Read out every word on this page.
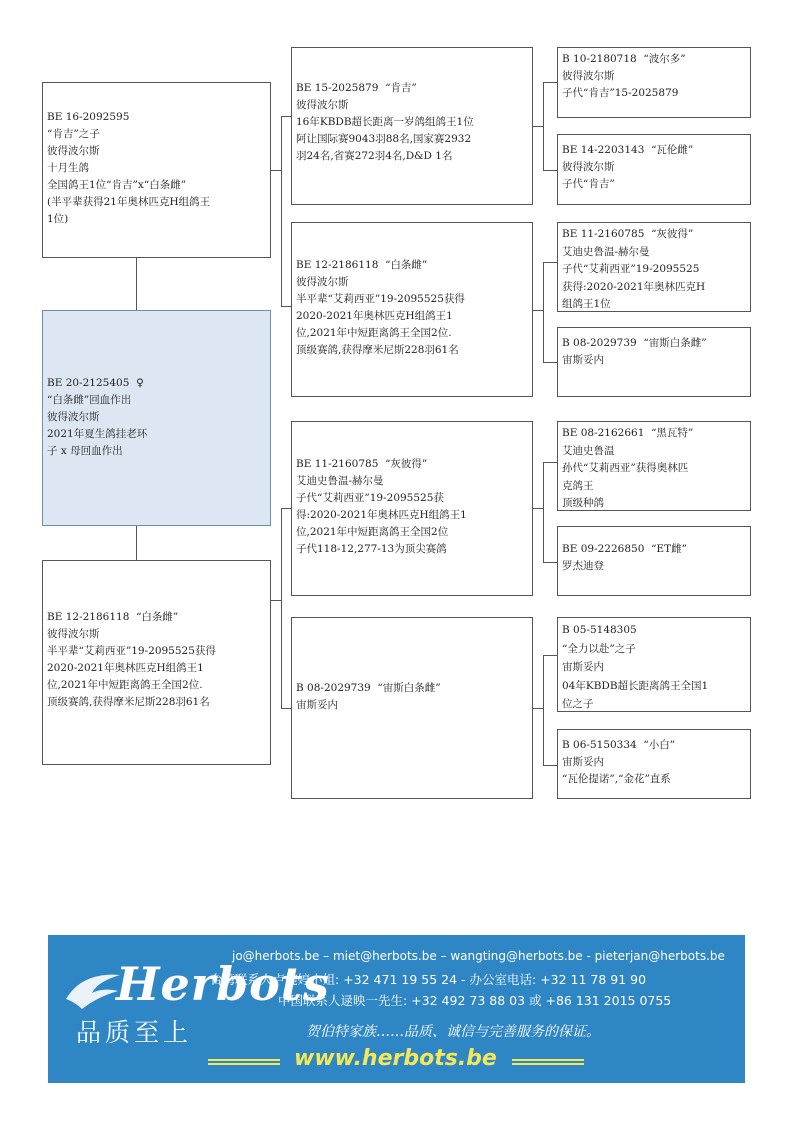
BE 16-2092595
“肯吉”之子
彼得波尔斯
十月生鸽
全国鸽王1位“肯吉”x“白条雌”
(半平辈获得21年奥林匹克H组鸽王
1位)
BE 20-2125405  ♀
“白条雌”回血作出
彼得波尔斯
2021年夏生鸽挂老环
子 x 母回血作出
BE 12-2186118  “白条雌”
彼得波尔斯
半平辈“艾莉西亚”19-2095525获得
2020-2021年奥林匹克H组鸽王1
位,2021年中短距离鸽王全国2位.
顶级赛鸽,获得摩米尼斯228羽61名
BE 15-2025879  “肯吉”
彼得波尔斯
16年KBDB超长距离一岁鸽组鸽王1位
阿让国际赛9043羽88名,国家赛2932
羽24名,省赛272羽4名,D&D 1名
BE 12-2186118  “白条雌”
彼得波尔斯
半平辈“艾莉西亚”19-2095525获得
2020-2021年奥林匹克H组鸽王1
位,2021年中短距离鸽王全国2位.
顶级赛鸽,获得摩米尼斯228羽61名
BE 11-2160785  “灰彼得”
艾迪史鲁温-赫尔曼
子代“艾莉西亚”19-2095525获
得:2020-2021年奥林匹克H组鸽王1
位,2021年中短距离鸽王全国2位
子代118-12,277-13为顶尖赛鸽
B 08-2029739  “宙斯白条雌”
宙斯妥内
B 10-2180718  “波尔多”
彼得波尔斯
子代“肯吉”15-2025879
BE 14-2203143  “瓦伦雌”
彼得波尔斯
子代“肯吉”
BE 11-2160785  “灰彼得”
艾迪史鲁温-赫尔曼
子代“艾莉西亚”19-2095525
获得:2020-2021年奥林匹克H
组鸽王1位
B 08-2029739  “宙斯白条雌”
宙斯妥内
BE 08-2162661  “黑瓦特”
艾迪史鲁温
孙代“艾莉西亚”获得奥林匹
克鸽王
顶级种鸽
BE 09-2226850  “ET雌”
罗杰迪登
B 05-5148305
“全力以赴”之子
宙斯妥内
04年KBDB超长距离鸽王全国1
位之子
B 06-5150334  “小白”
宙斯妥内
“瓦伦提诺”,“金花”直系
Herbots
品质至上
jo@herbots.be – miet@herbots.be – wangting@herbots.be - pieterjan@herbots.be
台湾联系人卢婉婷小姐: +32 471 19 55 24 - 办公室电话: +32 11 78 91 90
中国联系人逯映一先生: +32 492 73 88 03 或 +86 131 2015 0755
贺伯特家族……品质、诚信与完善服务的保证。
www.herbots.be
